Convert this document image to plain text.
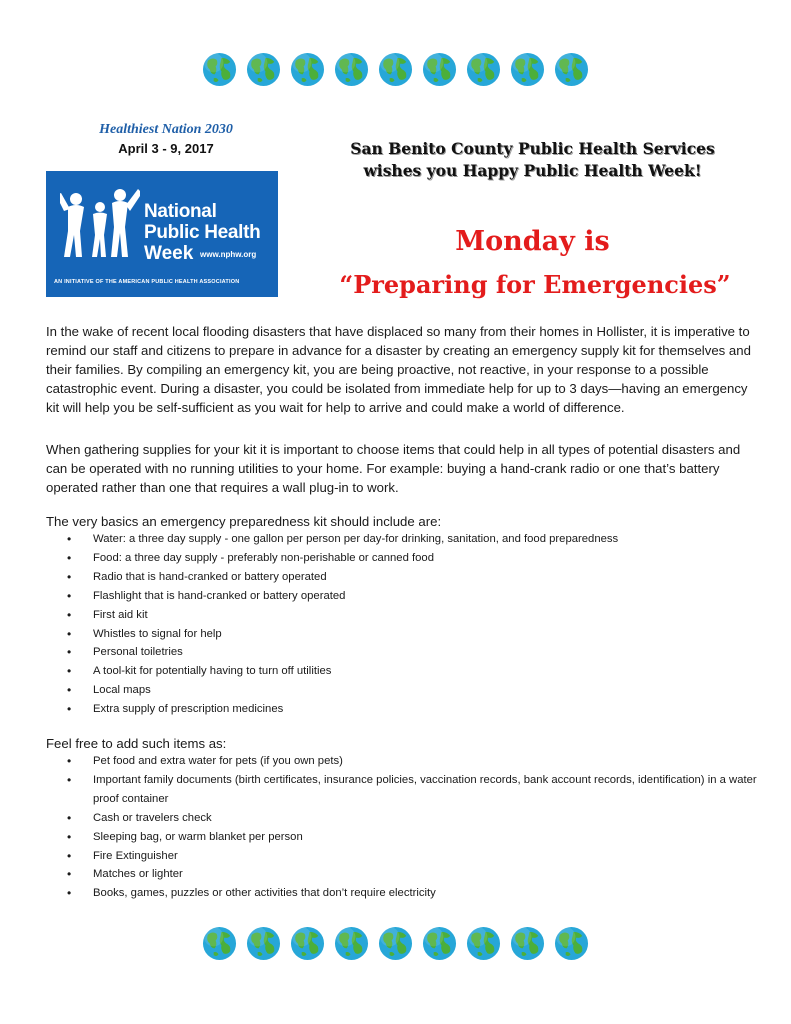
Healthiest Nation 2030
April 3 - 9, 2017
National
Public Health
Week www.nphw.org
AN INITIATIVE OF THE AMERICAN PUBLIC HEALTH ASSOCIATION
San Benito County Public Health Services
wishes you Happy Public Health Week!
Monday is
“Preparing for Emergencies”

In the wake of recent local flooding disasters that have displaced so many from their homes in Hollister, it is imperative to remind our staff and citizens to prepare in advance for a disaster by creating an emergency supply kit for themselves and their families. By compiling an emergency kit, you are being proactive, not reactive, in your response to a possible catastrophic event. During a disaster, you could be isolated from immediate help for up to 3 days—having an emergency kit will help you be self-sufficient as you wait for help to arrive and could make a world of difference.

When gathering supplies for your kit it is important to choose items that could help in all types of potential disasters and can be operated with no running utilities to your home. For example: buying a hand-crank radio or one that’s battery operated rather than one that requires a wall plug-in to work.

The very basics an emergency preparedness kit should include are:
• Water: a three day supply - one gallon per person per day-for drinking, sanitation, and food preparedness
• Food: a three day supply - preferably non-perishable or canned food
• Radio that is hand-cranked or battery operated
• Flashlight that is hand-cranked or battery operated
• First aid kit
• Whistles to signal for help
• Personal toiletries
• A tool-kit for potentially having to turn off utilities
• Local maps
• Extra supply of prescription medicines
Feel free to add such items as:
• Pet food and extra water for pets (if you own pets)
• Important family documents (birth certificates, insurance policies, vaccination records, bank account records, identification) in a water proof container
• Cash or travelers check
• Sleeping bag, or warm blanket per person
• Fire Extinguisher
• Matches or lighter
• Books, games, puzzles or other activities that don’t require electricity
